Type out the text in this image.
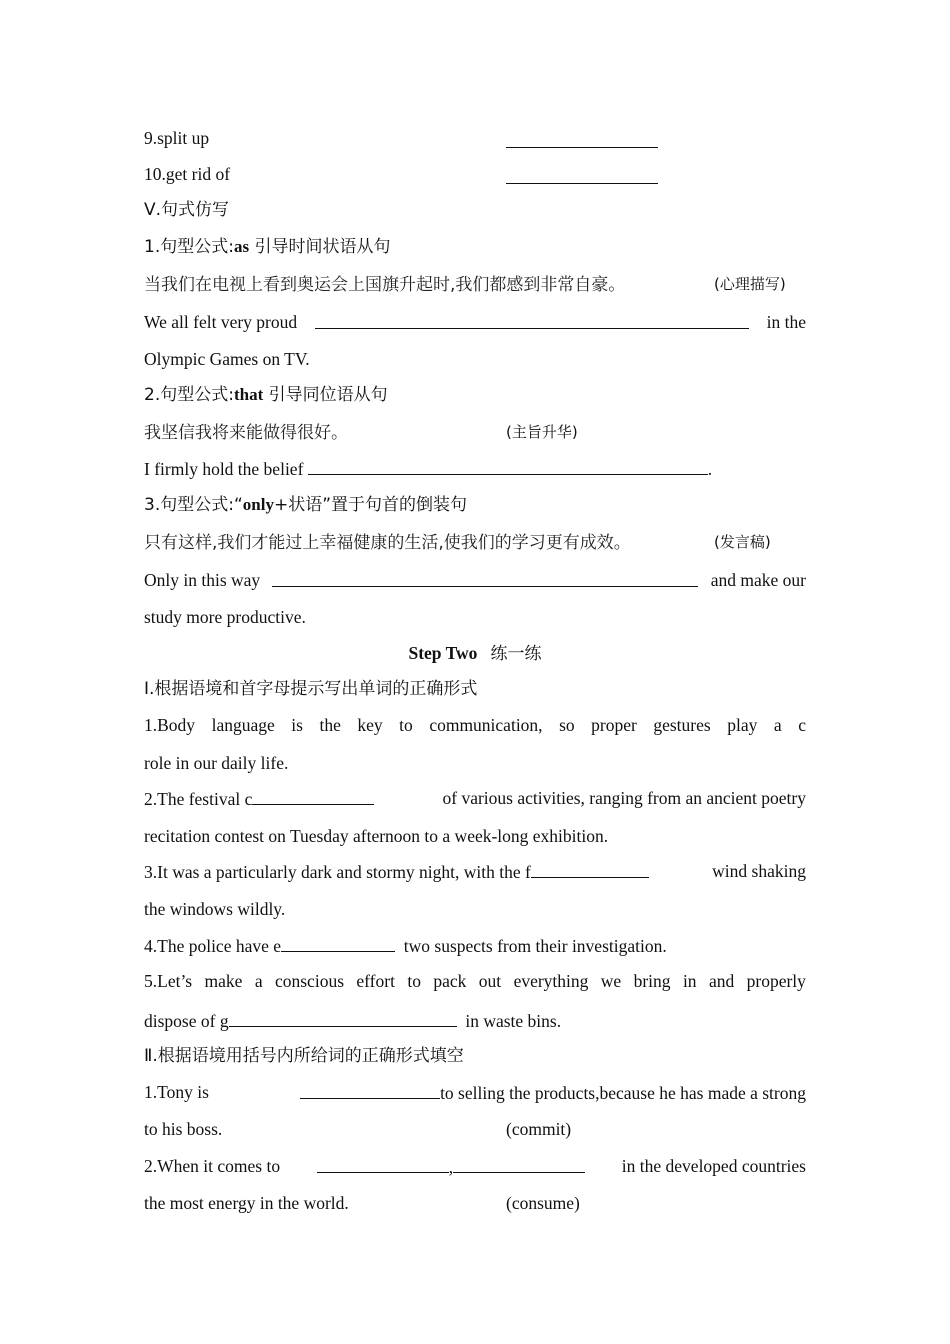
9.split up
10.get rid of
Ⅴ.句式仿写
1.句型公式:as 引导时间状语从句
当我们在电视上看到奥运会上国旗升起时,我们都感到非常自豪。	(心理描写)
We all felt very proud	in the
Olympic Games on TV.
2.句型公式:that 引导同位语从句
我坚信我将来能做得很好。	(主旨升华)
I firmly hold the belief	.
3.句型公式:“only+状语”置于句首的倒装句
只有这样,我们才能过上幸福健康的生活,使我们的学习更有成效。	(发言稿)
Only in this way	and make our
study more productive.
Step Two 练一练
Ⅰ.根据语境和首字母提示写出单词的正确形式
1.Body language is the key to communication, so proper gestures play a c
role in our daily life.
2.The festival c	of various activities, ranging from an ancient poetry
recitation contest on Tuesday afternoon to a week-long exhibition.
3.It was a particularly dark and stormy night, with the f	wind shaking
the windows wildly.
4.The police have e	two suspects from their investigation.
5.Let’s make a conscious effort to pack out everything we bring in and properly
dispose of g	in waste bins.
Ⅱ.根据语境用括号内所给词的正确形式填空
1.Tony is	to selling the products,because he has made a strong
to his boss.	(commit)
2.When it comes to	,	in the developed countries
the most energy in the world.	(consume)
